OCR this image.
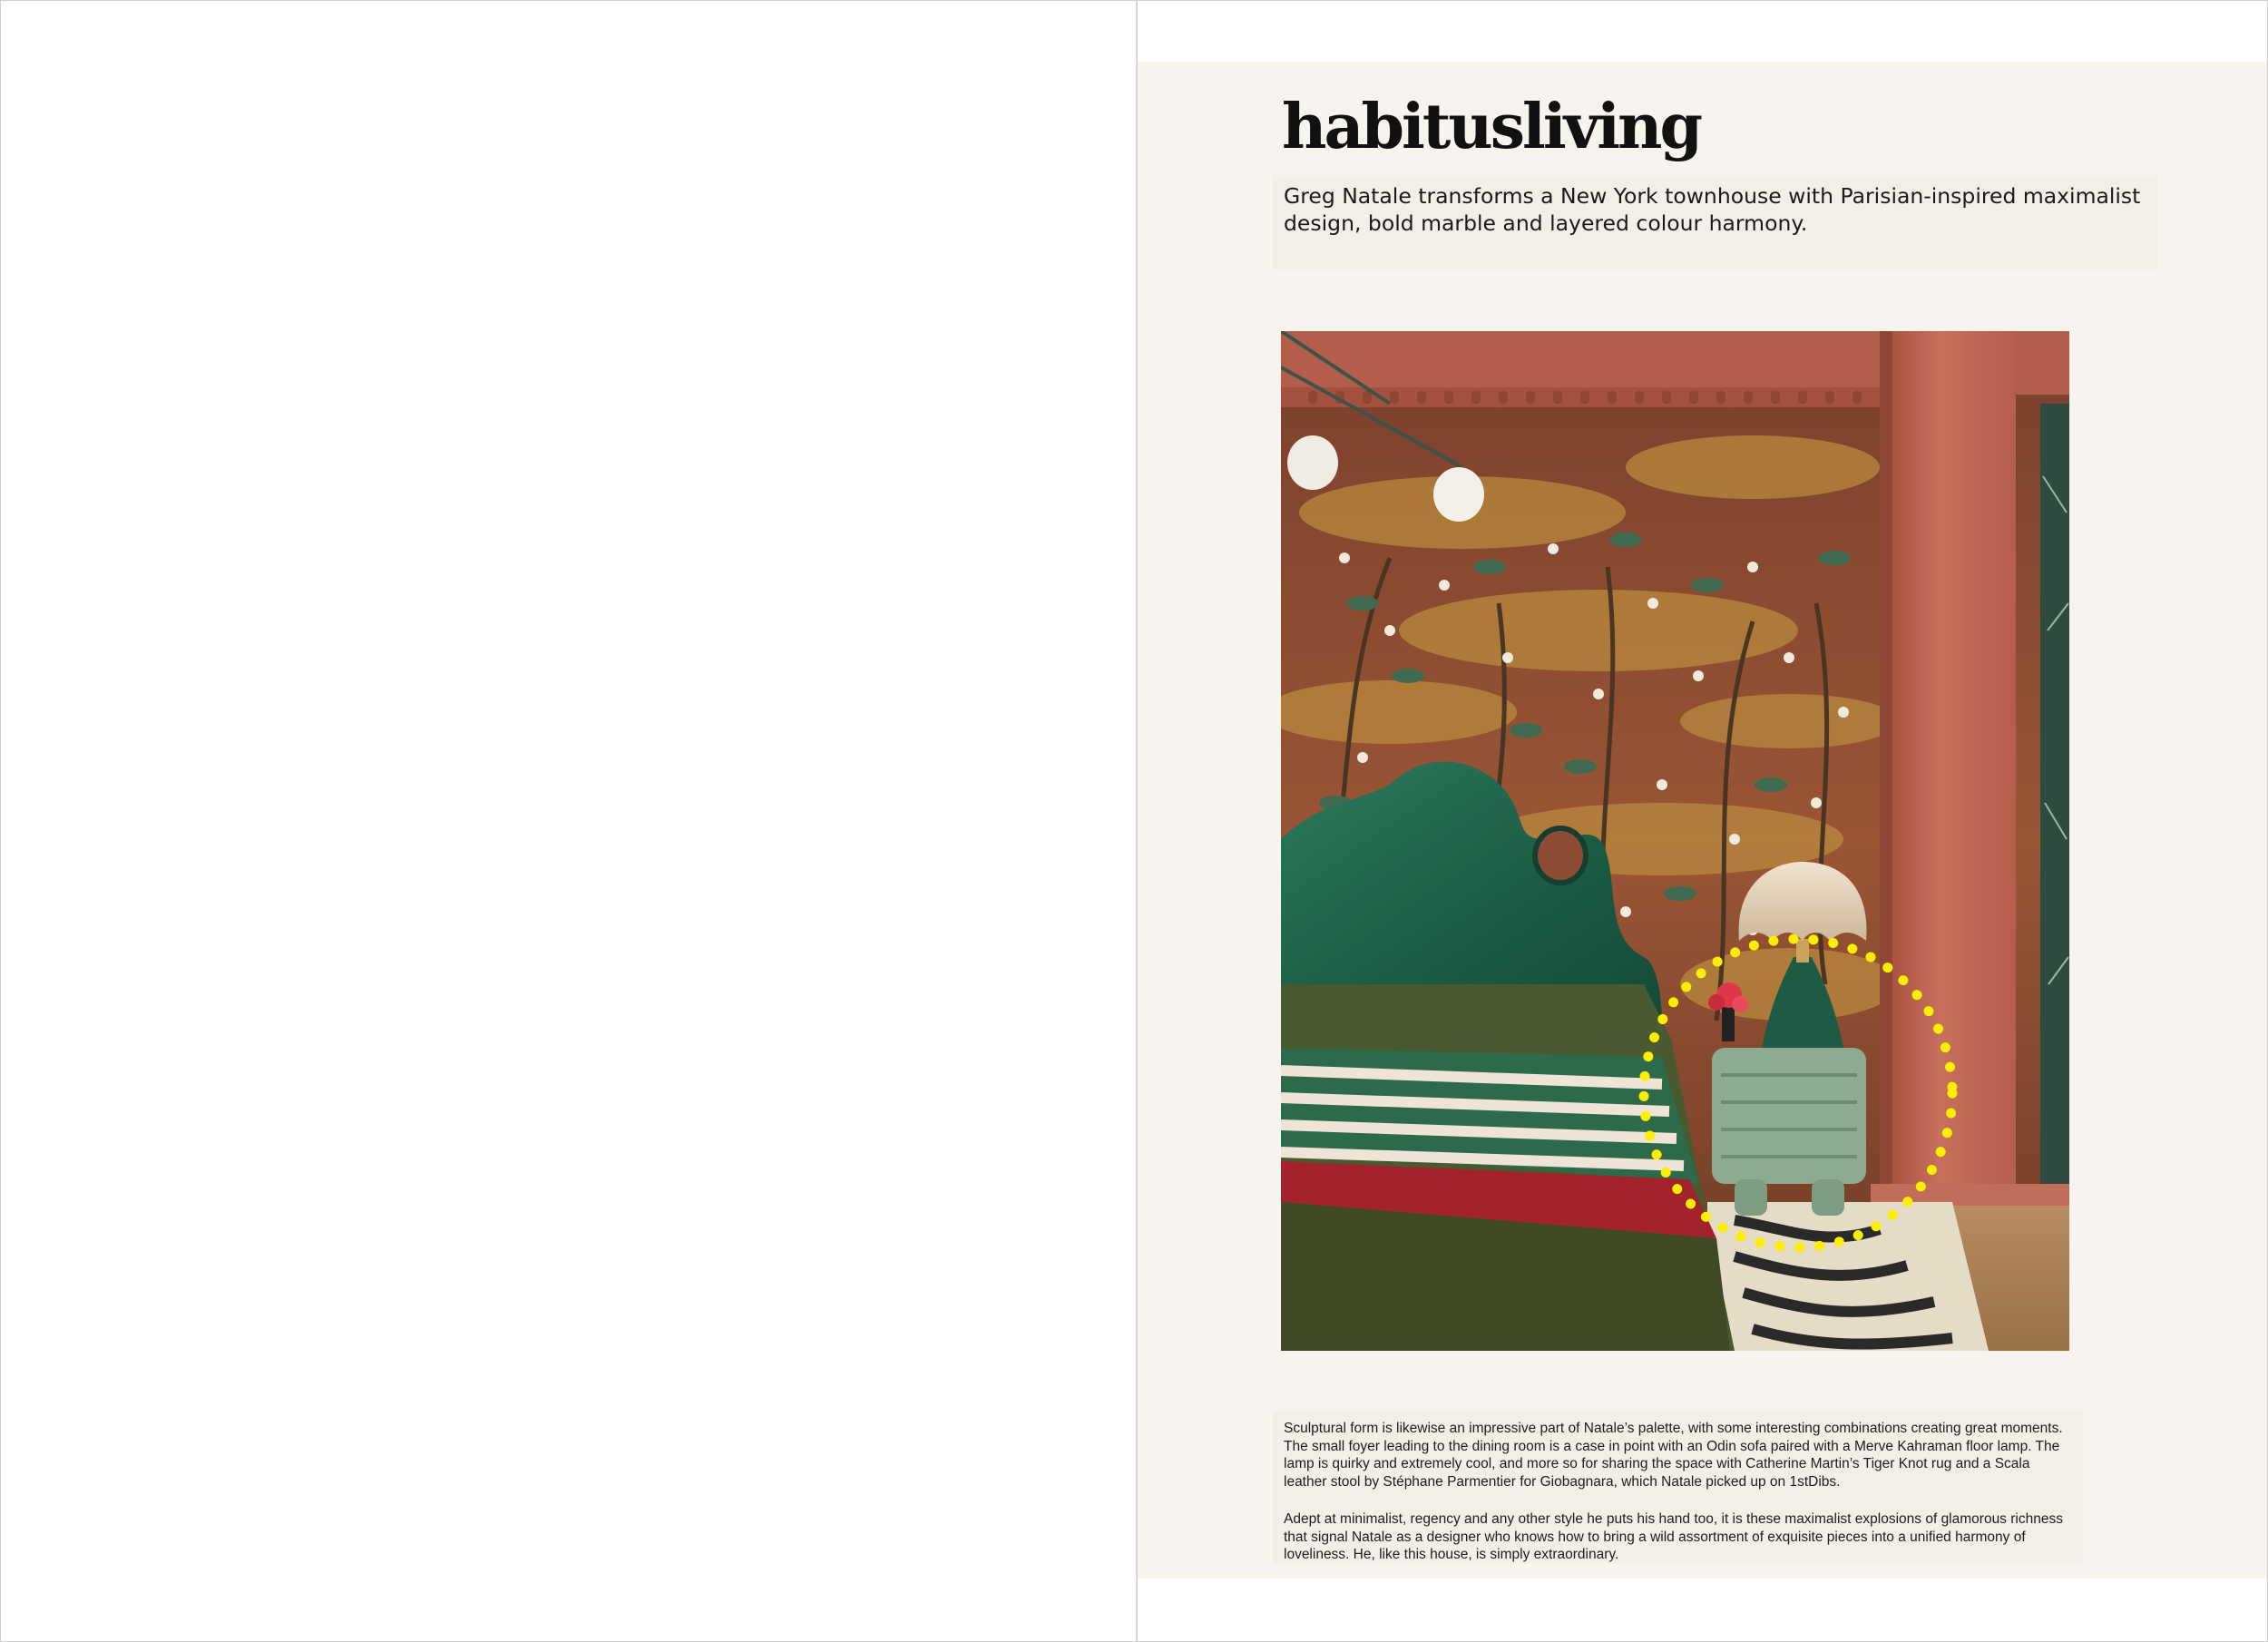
habitusliving
Greg Natale transforms a New York townhouse with Parisian-inspired maximalist design, bold marble and layered colour harmony.

Sculptural form is likewise an impressive part of Natale’s palette, with some interesting combinations creating great moments. The small foyer leading to the dining room is a case in point with an Odin sofa paired with a Merve Kahraman floor lamp. The lamp is quirky and extremely cool, and more so for sharing the space with Catherine Martin’s Tiger Knot rug and a Scala leather stool by Stéphane Parmentier for Giobagnara, which Natale picked up on 1stDibs.

Adept at minimalist, regency and any other style he puts his hand too, it is these maximalist explosions of glamorous richness that signal Natale as a designer who knows how to bring a wild assortment of exquisite pieces into a unified harmony of loveliness. He, like this house, is simply extraordinary.
